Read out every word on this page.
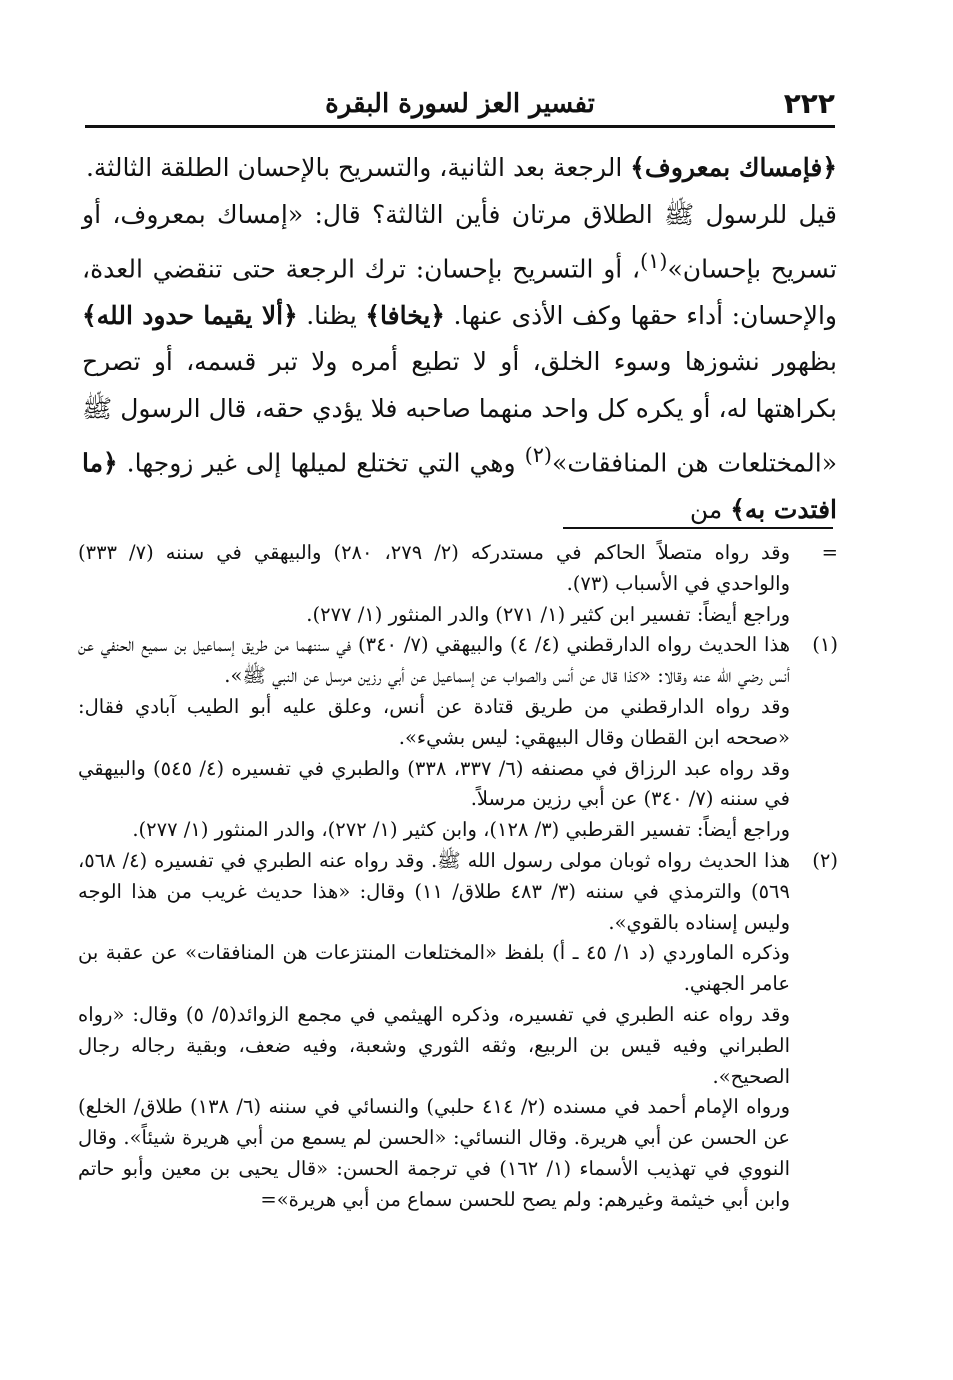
٢٢٢
تفسير العز لسورة البقرة

﴿فإمساك بمعروف﴾ الرجعة بعد الثانية، والتسريح بالإحسان الطلقة الثالثة.

قيل للرسول ﷺ الطلاق مرتان فأين الثالثة؟ قال: «إمساك بمعروف، أو تسريح بإحسان»$^{(١)}$، أو التسريح بإحسان: ترك الرجعة حتى تنقضي العدة، والإحسان: أداء حقها وكف الأذى عنها. ﴿يخافا﴾ يظنا. ﴿ألا يقيما حدود الله﴾ بظهور نشوزها وسوء الخلق، أو لا تطيع أمره ولا تبر قسمه، أو تصرح بكراهتها له، أو يكره كل واحد منهما صاحبه فلا يؤدي حقه، قال الرسول ﷺ «المختلعات هن المنافقات»$^{(٢)}$ وهي التي تختلع لميلها إلى غير زوجها. ﴿ما افتدت به﴾ من

=

وقد رواه متصلاً الحاكم في مستدركه (٢/ ٢٧٩، ٢٨٠) والبيهقي في سننه (٧/ ٣٣٣) والواحدي في الأسباب (٧٣).

وراجع أيضاً: تفسير ابن كثير (١/ ٢٧١) والدر المنثور (١/ ٢٧٧).

(١)

هذا الحديث رواه الدارقطني (٤/ ٤) والبيهقي (٧/ ٣٤٠) في سننهما من طريق إسماعيل بن سميع الحنفي عن أنس رضي الله عنه وقالا: «كذا قال عن أنس والصواب عن إسماعيل عن أبي رزين مرسل عن النبي ﷺ».

وقد رواه الدارقطني من طريق قتادة عن أنس، وعلق عليه أبو الطيب آبادي فقال: «صححه ابن القطان وقال البيهقي: ليس بشيء».

وقد رواه عبد الرزاق في مصنفه (٦/ ٣٣٧، ٣٣٨) والطبري في تفسيره (٤/ ٥٤٥) والبيهقي في سننه (٧/ ٣٤٠) عن أبي رزين مرسلاً.

وراجع أيضاً: تفسير القرطبي (٣/ ١٢٨)، وابن كثير (١/ ٢٧٢)، والدر المنثور (١/ ٢٧٧).

(٢)

هذا الحديث رواه ثوبان مولى رسول الله ﷺ. وقد رواه عنه الطبري في تفسيره (٤/ ٥٦٨، ٥٦٩) والترمذي في سننه (٣/ ٤٨٣ طلاق/ ١١) وقال: «هذا حديث غريب من هذا الوجه وليس إسناده بالقوي».

وذكره الماوردي (د ١/ ٤٥ ـ أ) بلفظ «المختلعات المنتزعات هن المنافقات» عن عقبة بن عامر الجهني.

وقد رواه عنه الطبري في تفسيره، وذكره الهيثمي في مجمع الزوائد(٥/ ٥) وقال: «رواه الطبراني وفيه قيس بن الربيع، وثقه الثوري وشعبة، وفيه ضعف، وبقية رجاله رجال الصحيح».

ورواه الإمام أحمد في مسنده (٢/ ٤١٤ حلبي) والنسائي في سننه (٦/ ١٣٨) طلاق/ الخلع) عن الحسن عن أبي هريرة. وقال النسائي: «الحسن لم يسمع من أبي هريرة شيئاً». وقال النووي في تهذيب الأسماء (١/ ١٦٢) في ترجمة الحسن: «قال يحيى بن معين وأبو حاتم وابن أبي خيثمة وغيرهم: ولم يصح للحسن سماع من أبي هريرة»=
